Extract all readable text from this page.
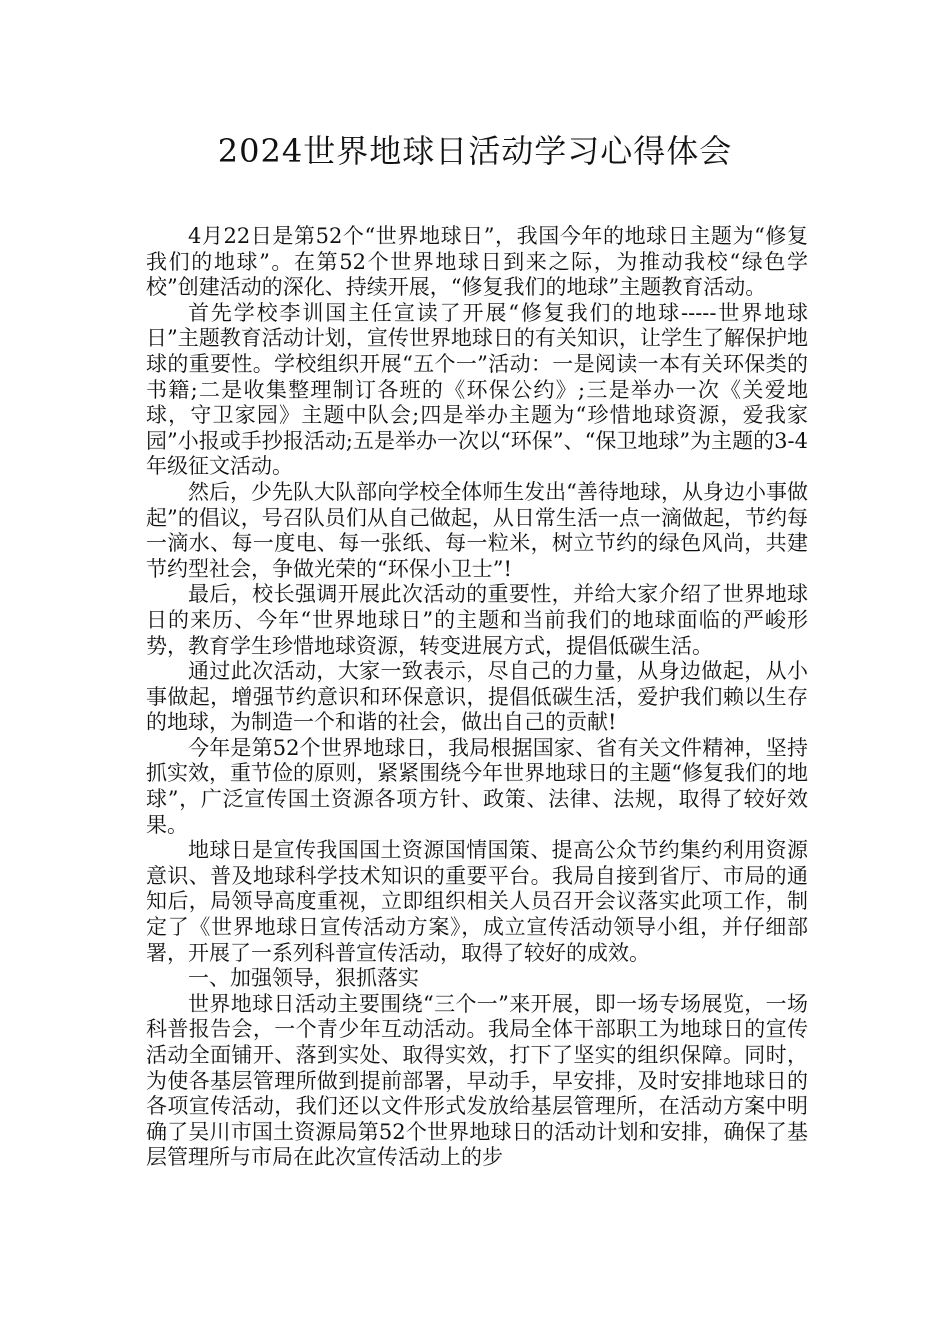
2024世界地球日活动学习心得体会

4月22日是第52个“世界地球日”，我国今年的地球日主题为“修复我们的地球”。在第52个世界地球日到来之际，为推动我校“绿色学校”创建活动的深化、持续开展，“修复我们的地球”主题教育活动。

首先学校李训国主任宣读了开展“修复我们的地球-----世界地球日”主题教育活动计划，宣传世界地球日的有关知识，让学生了解保护地球的重要性。学校组织开展“五个一”活动：一是阅读一本有关环保类的书籍;二是收集整理制订各班的《环保公约》;三是举办一次《关爱地球，守卫家园》主题中队会;四是举办主题为“珍惜地球资源，爱我家园”小报或手抄报活动;五是举办一次以“环保”、“保卫地球”为主题的3-4年级征文活动。

然后，少先队大队部向学校全体师生发出“善待地球，从身边小事做起”的倡议，号召队员们从自己做起，从日常生活一点一滴做起，节约每一滴水、每一度电、每一张纸、每一粒米，树立节约的绿色风尚，共建节约型社会，争做光荣的“环保小卫士”!

最后，校长强调开展此次活动的重要性，并给大家介绍了世界地球日的来历、今年“世界地球日”的主题和当前我们的地球面临的严峻形势，教育学生珍惜地球资源，转变进展方式，提倡低碳生活。

通过此次活动，大家一致表示，尽自己的力量，从身边做起，从小事做起，增强节约意识和环保意识，提倡低碳生活，爱护我们赖以生存的地球，为制造一个和谐的社会，做出自己的贡献!

今年是第52个世界地球日，我局根据国家、省有关文件精神，坚持抓实效，重节俭的原则，紧紧围绕今年世界地球日的主题“修复我们的地球”，广泛宣传国土资源各项方针、政策、法律、法规，取得了较好效果。

地球日是宣传我国国土资源国情国策、提高公众节约集约利用资源意识、普及地球科学技术知识的重要平台。我局自接到省厅、市局的通知后，局领导高度重视，立即组织相关人员召开会议落实此项工作，制定了《世界地球日宣传活动方案》，成立宣传活动领导小组，并仔细部署，开展了一系列科普宣传活动，取得了较好的成效。

一、加强领导，狠抓落实

世界地球日活动主要围绕“三个一”来开展，即一场专场展览，一场科普报告会，一个青少年互动活动。我局全体干部职工为地球日的宣传活动全面铺开、落到实处、取得实效，打下了坚实的组织保障。同时，为使各基层管理所做到提前部署，早动手，早安排，及时安排地球日的各项宣传活动，我们还以文件形式发放给基层管理所，在活动方案中明确了吴川市国土资源局第52个世界地球日的活动计划和安排，确保了基层管理所与市局在此次宣传活动上的步
